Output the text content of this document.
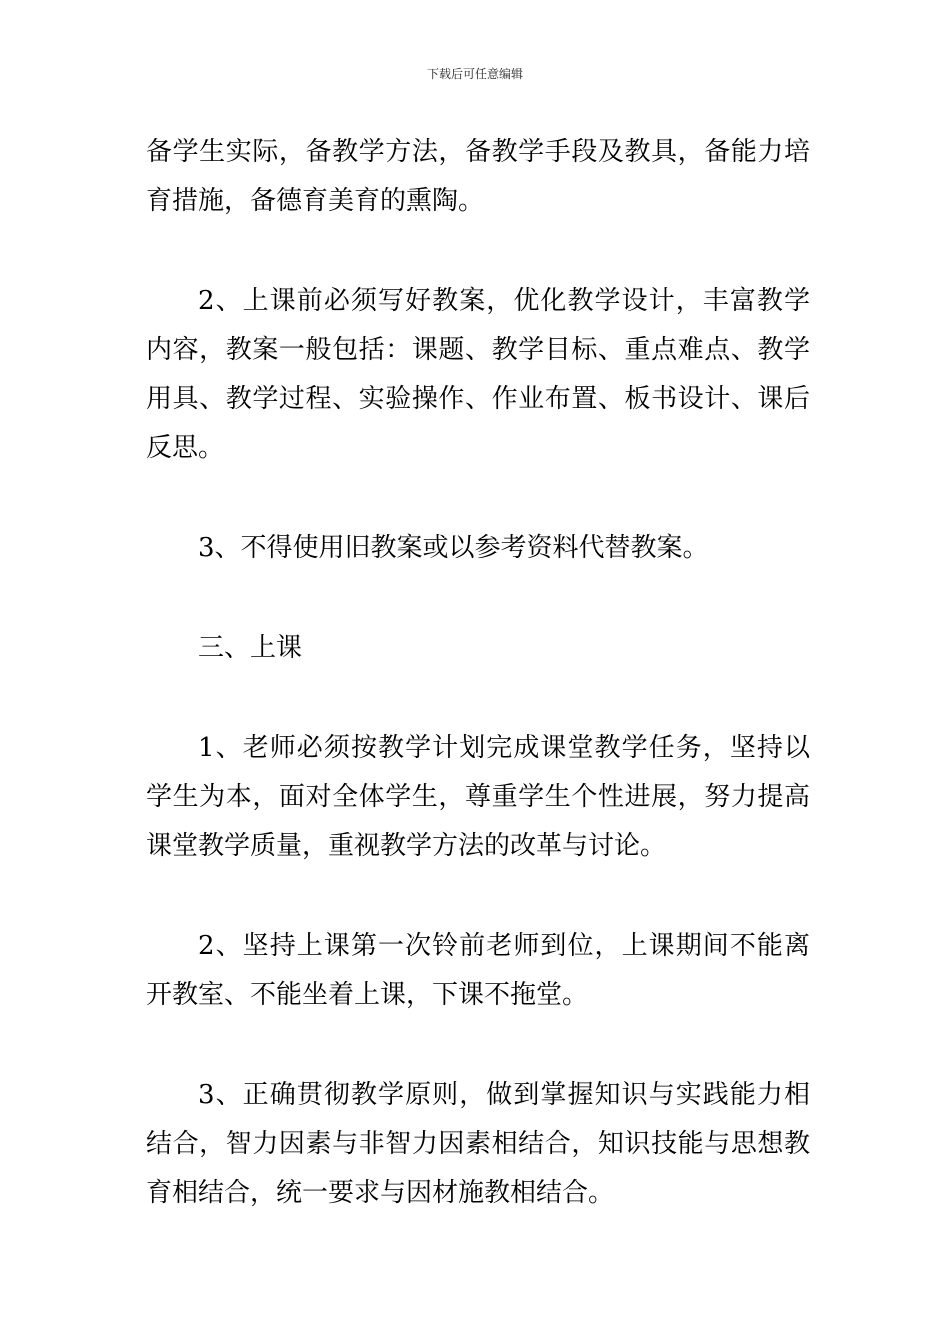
下载后可任意编辑

备学生实际，备教学方法，备教学手段及教具，备能力培育措施，备德育美育的熏陶。

2、上课前必须写好教案，优化教学设计，丰富教学内容，教案一般包括：课题、教学目标、重点难点、教学用具、教学过程、实验操作、作业布置、板书设计、课后反思。

3、不得使用旧教案或以参考资料代替教案。

三、上课

1、老师必须按教学计划完成课堂教学任务，坚持以学生为本，面对全体学生，尊重学生个性进展，努力提高课堂教学质量，重视教学方法的改革与讨论。

2、坚持上课第一次铃前老师到位，上课期间不能离开教室、不能坐着上课，下课不拖堂。

3、正确贯彻教学原则，做到掌握知识与实践能力相结合，智力因素与非智力因素相结合，知识技能与思想教育相结合，统一要求与因材施教相结合。
